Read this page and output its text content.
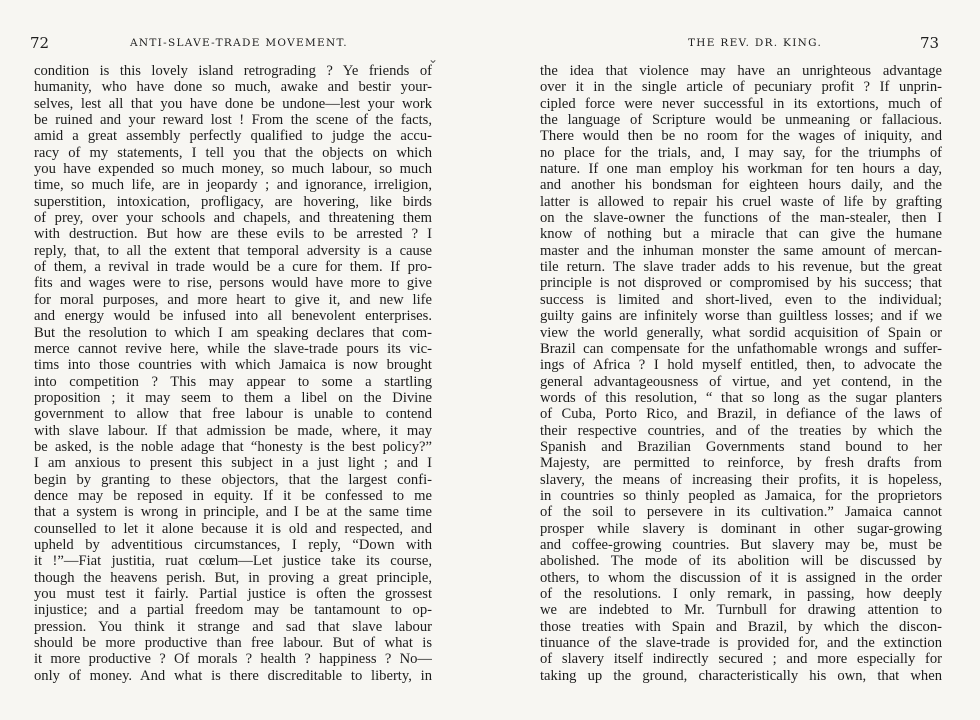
72	ANTI-SLAVE-TRADE MOVEMENT.
⌄
condition is this lovely island retrograding ? Ye friends of
humanity, who have done so much, awake and bestir your-
selves, lest all that you have done be undone—lest your work
be ruined and your reward lost ! From the scene of the facts,
amid a great assembly perfectly qualified to judge the accu-
racy of my statements, I tell you that the objects on which
you have expended so much money, so much labour, so much
time, so much life, are in jeopardy ; and ignorance, irreligion,
superstition, intoxication, profligacy, are hovering, like birds
of prey, over your schools and chapels, and threatening them
with destruction. But how are these evils to be arrested ? I
reply, that, to all the extent that temporal adversity is a cause
of them, a revival in trade would be a cure for them. If pro-
fits and wages were to rise, persons would have more to give
for moral purposes, and more heart to give it, and new life
and energy would be infused into all benevolent enterprises.
But the resolution to which I am speaking declares that com-
merce cannot revive here, while the slave-trade pours its vic-
tims into those countries with which Jamaica is now brought
into competition ? This may appear to some a startling
proposition ; it may seem to them a libel on the Divine
government to allow that free labour is unable to contend
with slave labour. If that admission be made, where, it may
be asked, is the noble adage that “honesty is the best policy?”
I am anxious to present this subject in a just light ; and I
begin by granting to these objectors, that the largest confi-
dence may be reposed in equity. If it be confessed to me
that a system is wrong in principle, and I be at the same time
counselled to let it alone because it is old and respected, and
upheld by adventitious circumstances, I reply, “Down with
it !”—Fiat justitia, ruat cœlum—Let justice take its course,
though the heavens perish. But, in proving a great principle,
you must test it fairly. Partial justice is often the grossest
injustice; and a partial freedom may be tantamount to op-
pression. You think it strange and sad that slave labour
should be more productive than free labour. But of what is
it more productive ? Of morals ? health ? happiness ? No—
only of money. And what is there discreditable to liberty, in
THE REV. DR. KING.	73
the idea that violence may have an unrighteous advantage
over it in the single article of pecuniary profit ? If unprin-
cipled force were never successful in its extortions, much of
the language of Scripture would be unmeaning or fallacious.
There would then be no room for the wages of iniquity, and
no place for the trials, and, I may say, for the triumphs of
nature. If one man employ his workman for ten hours a day,
and another his bondsman for eighteen hours daily, and the
latter is allowed to repair his cruel waste of life by grafting
on the slave-owner the functions of the man-stealer, then I
know of nothing but a miracle that can give the humane
master and the inhuman monster the same amount of mercan-
tile return. The slave trader adds to his revenue, but the great
principle is not disproved or compromised by his success; that
success is limited and short-lived, even to the individual;
guilty gains are infinitely worse than guiltless losses; and if we
view the world generally, what sordid acquisition of Spain or
Brazil can compensate for the unfathomable wrongs and suffer-
ings of Africa ? I hold myself entitled, then, to advocate the
general advantageousness of virtue, and yet contend, in the
words of this resolution, “ that so long as the sugar planters
of Cuba, Porto Rico, and Brazil, in defiance of the laws of
their respective countries, and of the treaties by which the
Spanish and Brazilian Governments stand bound to her
Majesty, are permitted to reinforce, by fresh drafts from
slavery, the means of increasing their profits, it is hopeless,
in countries so thinly peopled as Jamaica, for the proprietors
of the soil to persevere in its cultivation.” Jamaica cannot
prosper while slavery is dominant in other sugar-growing
and coffee-growing countries. But slavery may be, must be
abolished. The mode of its abolition will be discussed by
others, to whom the discussion of it is assigned in the order
of the resolutions. I only remark, in passing, how deeply
we are indebted to Mr. Turnbull for drawing attention to
those treaties with Spain and Brazil, by which the discon-
tinuance of the slave-trade is provided for, and the extinction
of slavery itself indirectly secured ; and more especially for
taking up the ground, characteristically his own, that when
